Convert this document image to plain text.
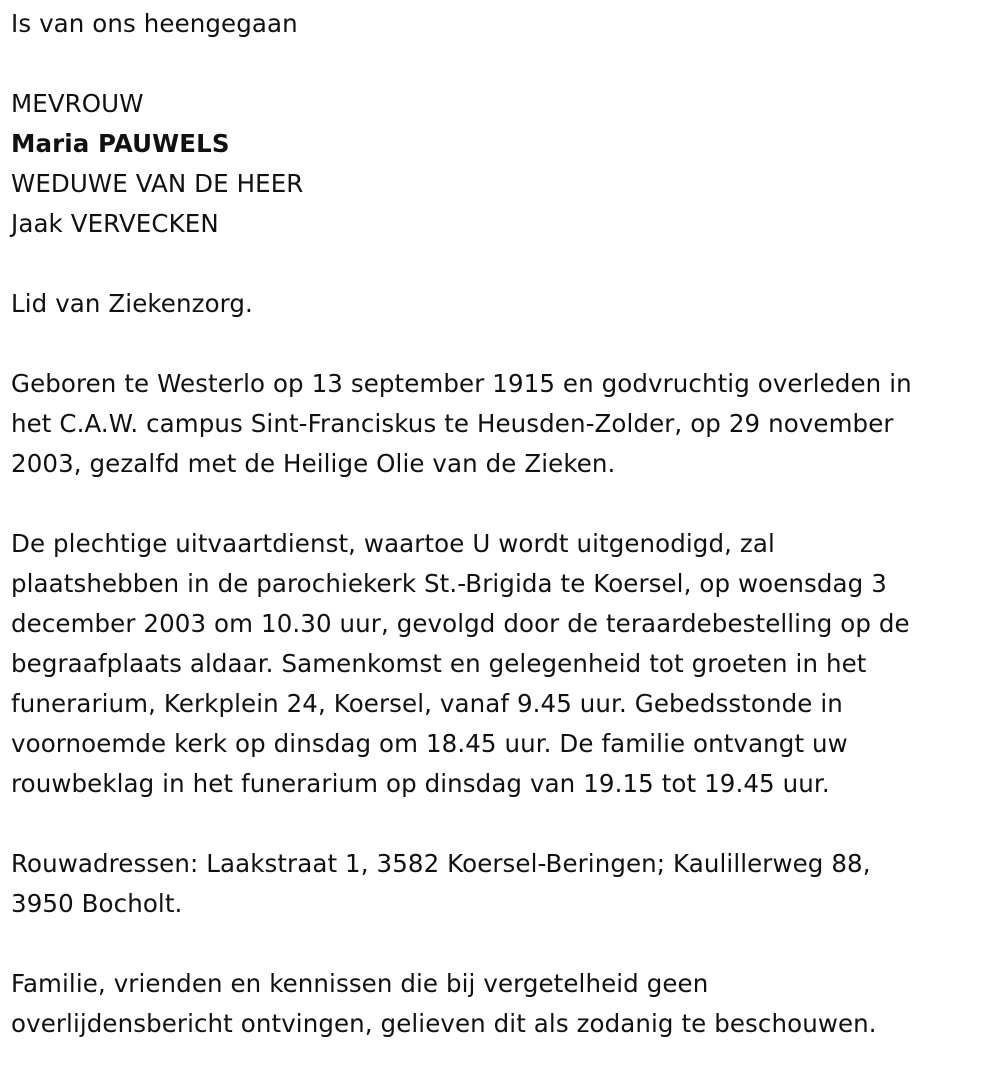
Is van ons heengegaan
MEVROUW
Maria PAUWELS
WEDUWE VAN DE HEER
Jaak VERVECKEN
Lid van Ziekenzorg.
Geboren te Westerlo op 13 september 1915 en godvruchtig overleden in
het C.A.W. campus Sint-Franciskus te Heusden-Zolder, op 29 november
2003, gezalfd met de Heilige Olie van de Zieken.
De plechtige uitvaartdienst, waartoe U wordt uitgenodigd, zal
plaatshebben in de parochiekerk St.-Brigida te Koersel, op woensdag 3
december 2003 om 10.30 uur, gevolgd door de teraardebestelling op de
begraafplaats aldaar. Samenkomst en gelegenheid tot groeten in het
funerarium, Kerkplein 24, Koersel, vanaf 9.45 uur. Gebedsstonde in
voornoemde kerk op dinsdag om 18.45 uur. De familie ontvangt uw
rouwbeklag in het funerarium op dinsdag van 19.15 tot 19.45 uur.
Rouwadressen: Laakstraat 1, 3582 Koersel-Beringen; Kaulillerweg 88,
3950 Bocholt.
Familie, vrienden en kennissen die bij vergetelheid geen
overlijdensbericht ontvingen, gelieven dit als zodanig te beschouwen.
